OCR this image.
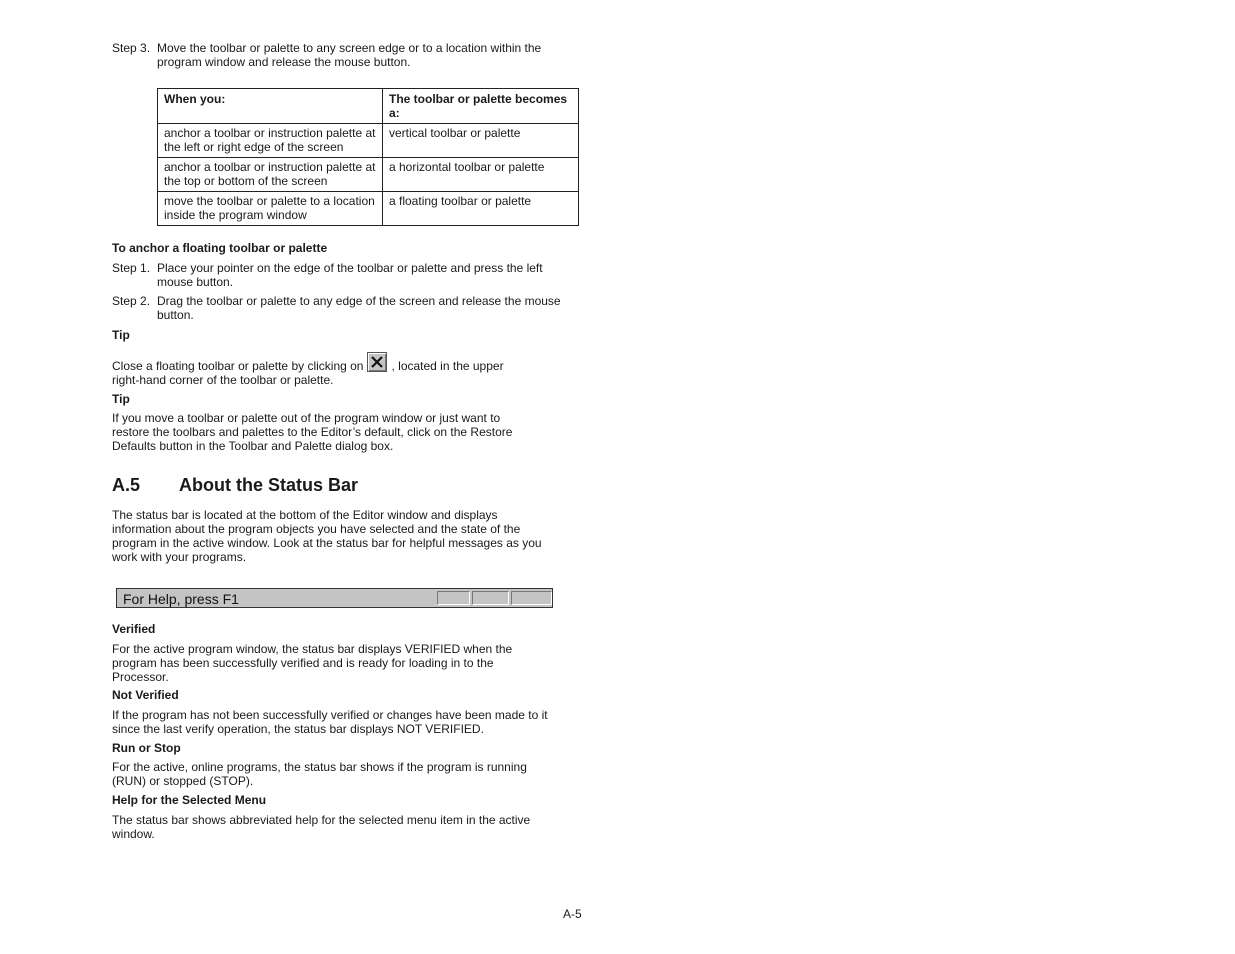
Step 3. Move the toolbar or palette to any screen edge or to a location within the program window and release the mouse button.
When you:	The toolbar or palette becomes a:
anchor a toolbar or instruction palette at the left or right edge of the screen	vertical toolbar or palette
anchor a toolbar or instruction palette at the top or bottom of the screen	a horizontal toolbar or palette
move the toolbar or palette to a location inside the program window	a floating toolbar or palette
To anchor a floating toolbar or palette
Step 1. Place your pointer on the edge of the toolbar or palette and press the left mouse button.
Step 2. Drag the toolbar or palette to any edge of the screen and release the mouse button.
Tip
Close a floating toolbar or palette by clicking on , located in the upper
right-hand corner of the toolbar or palette.
Tip
If you move a toolbar or palette out of the program window or just want to restore the toolbars and palettes to the Editor’s default, click on the Restore Defaults button in the Toolbar and Palette dialog box.
A.5 About the Status Bar
The status bar is located at the bottom of the Editor window and displays information about the program objects you have selected and the state of the program in the active window. Look at the status bar for helpful messages as you work with your programs.
For Help, press F1
Verified
For the active program window, the status bar displays VERIFIED when the program has been successfully verified and is ready for loading in to the Processor.
Not Verified
If the program has not been successfully verified or changes have been made to it since the last verify operation, the status bar displays NOT VERIFIED.
Run or Stop
For the active, online programs, the status bar shows if the program is running (RUN) or stopped (STOP).
Help for the Selected Menu
The status bar shows abbreviated help for the selected menu item in the active window.
A-5
